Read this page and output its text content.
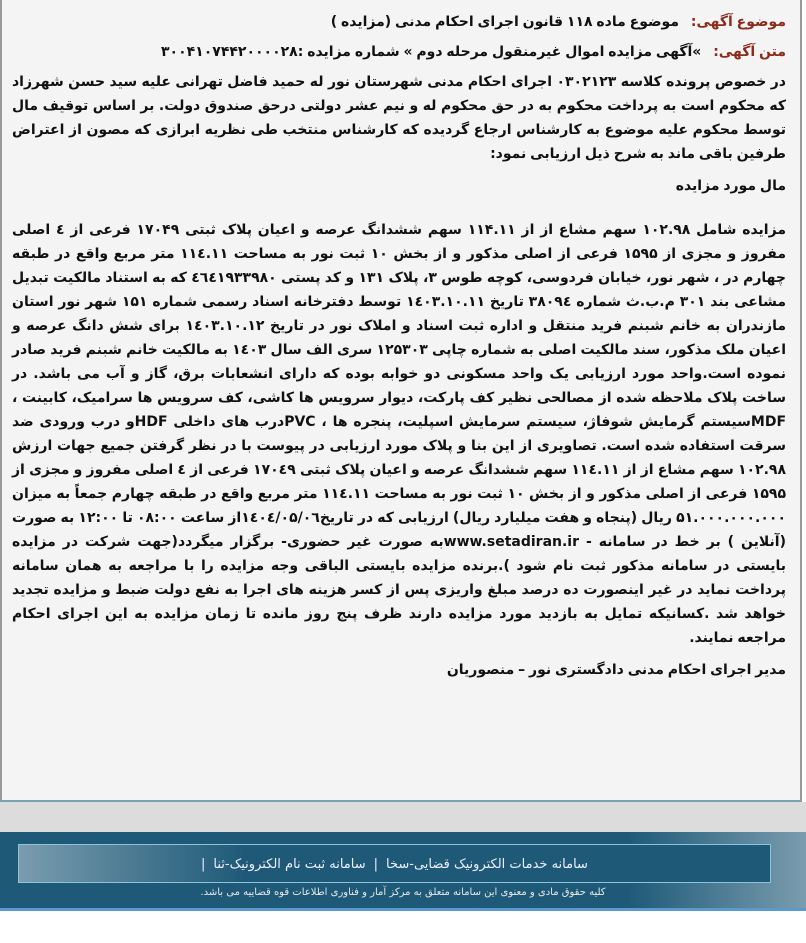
موضوع آگهی: موضوع ماده ۱۱۸ قانون اجرای احکام مدنی (مزایده )
متن آگهی: »آگهی مزایده اموال غیرمنقول مرحله دوم » شماره مزایده :۳۰۰۴۱۰۷۴۴۲۰۰۰۰۲۸

در خصوص پرونده کلاسه ۰۳۰۲۱۲۳ اجرای احکام مدنی شهرستان نور له حمید فاضل تهرانی علیه سید حسن شهرزاد که محکوم است به پرداخت محکوم به در حق محکوم له و نیم عشر دولتی درحق صندوق دولت. بر اساس توقیف مال توسط محکوم علیه موضوع به کارشناس ارجاع گردیده که کارشناس منتخب طی نظریه ابرازی که مصون از اعتراض طرفین باقی ماند به شرح ذیل ارزیابی نمود:

مال مورد مزایده

مزایده شامل ۱۰۲.۹۸ سهم مشاع از از ۱۱۴.۱۱ سهم ششدانگ عرصه و اعیان پلاک ثبتی ۱۷۰۴۹ فرعی از ٤ اصلی مفروز و مجزی از ۱۵۹۵ فرعی از اصلی مذکور و از بخش ۱۰ ثبت نور به مساحت ۱۱٤.۱۱ متر مربع واقع در طبقه چهارم در ، شهر نور، خیابان فردوسی، کوچه طوس ۳، پلاک ۱۳۱ و کد پستی ٤٦٤١٩٣٣٩٨٠ که به استناد مالکیت تبدیل مشاعی بند ۳۰۱ م.ب.ث شماره ۳۸۰۹٤ تاریخ ۱٤۰۳.۱۰.۱۱ توسط دفترخانه اسناد رسمی شماره ۱۵۱ شهر نور استان مازندران به خانم شبنم فرید منتقل و اداره ثبت اسناد و املاک نور در تاریخ ۱٤۰۳.۱۰.۱۲ برای شش دانگ عرصه و اعیان ملک مذکور، سند مالکیت اصلی به شماره چاپی ۱۲۵۳۰۳ سری الف سال ۱٤۰۳ به مالکیت خانم شبنم فرید صادر نموده است.واحد مورد ارزیابی یک واحد مسکونی دو خوابه بوده که دارای انشعابات برق، گاز و آب می باشد. در ساخت پلاک ملاحظه شده از مصالحی نظیر کف پارکت، دیوار سرویس ها کاشی، کف سرویس ها سرامیک، کابینت ، MDFسیستم گرمایش شوفاژ، سیستم سرمایش اسپلیت، پنجره ها ، PVCدرب های داخلی HDFو درب ورودی ضد سرقت استفاده شده است. تصاویری از این بنا و پلاک مورد ارزیابی در پیوست با در نظر گرفتن جمیع جهات ارزش ۱۰۲.۹۸ سهم مشاع از از ۱۱٤.۱۱ سهم ششدانگ عرصه و اعیان پلاک ثبتی ۱۷۰٤۹ فرعی از ٤ اصلی مفروز و مجزی از ۱۵۹۵ فرعی از اصلی مذکور و از بخش ۱۰ ثبت نور به مساحت ۱۱٤.۱۱ متر مربع واقع در طبقه چهارم جمعاً به میزان ۵۱.۰۰۰.۰۰۰.۰۰۰ ریال (پنجاه و هفت میلیارد ریال) ارزیابی که در تاریخ۱٤۰٤/۰۵/۰٦از ساعت ۰۸:۰۰ تا ۱۲:۰۰ به صورت (آنلاین ) بر خط در سامانه - www.setadiran.irبه صورت غیر حضوری- برگزار میگردد(جهت شرکت در مزایده بایستی در سامانه مذکور ثبت نام شود ).برنده مزایده بایستی الباقی وجه مزایده را با مراجعه به همان سامانه پرداخت نماید در غیر اینصورت ده درصد مبلغ واریزی پس از کسر هزینه های اجرا به نفع دولت ضبط و مزایده تجدید خواهد شد .کسانیکه تمایل به بازدید مورد مزایده دارند ظرف پنج روز مانده تا زمان مزایده به این اجرای احکام مراجعه نمایند.

مدیر اجرای احکام مدنی دادگستری نور – منصوریان

سامانه خدمات الکترونیک قضایی-سخا|سامانه ثبت نام الکترونیک-ثنا|
کلیه حقوق مادی و معنوی این سامانه متعلق به مرکز آمار و فناوری اطلاعات قوه قضاییه می باشد.
